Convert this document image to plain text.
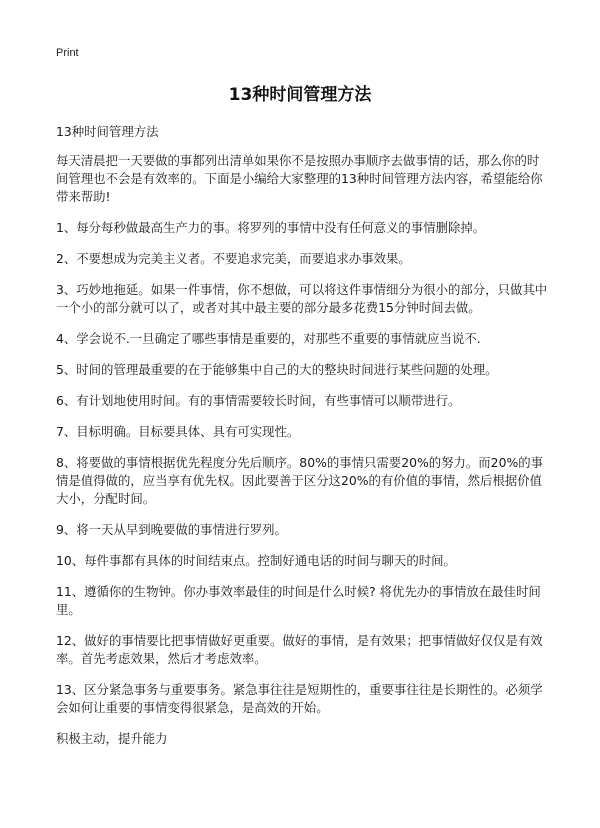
Print
13种时间管理方法

13种时间管理方法

每天清晨把一天要做的事都列出清单如果你不是按照办事顺序去做事情的话，那么你的时间管理也不会是有效率的。下面是小编给大家整理的13种时间管理方法内容，希望能给你带来帮助!

1、每分每秒做最高生产力的事。将罗列的事情中没有任何意义的事情删除掉。

2、不要想成为完美主义者。不要追求完美，而要追求办事效果。

3、巧妙地拖延。如果一件事情，你不想做，可以将这件事情细分为很小的部分，只做其中一个小的部分就可以了，或者对其中最主要的部分最多花费15分钟时间去做。

4、学会说不.一旦确定了哪些事情是重要的，对那些不重要的事情就应当说不.

5、时间的管理最重要的在于能够集中自己的大的整块时间进行某些问题的处理。

6、有计划地使用时间。有的事情需要较长时间，有些事情可以顺带进行。

7、目标明确。目标要具体、具有可实现性。

8、将要做的事情根据优先程度分先后顺序。80%的事情只需要20%的努力。而20%的事情是值得做的，应当享有优先权。因此要善于区分这20%的有价值的事情，然后根据价值大小，分配时间。

9、将一天从早到晚要做的事情进行罗列。

10、每件事都有具体的时间结束点。控制好通电话的时间与聊天的时间。

11、遵循你的生物钟。你办事效率最佳的时间是什么时候? 将优先办的事情放在最佳时间里。

12、做好的事情要比把事情做好更重要。做好的事情，是有效果；把事情做好仅仅是有效率。首先考虑效果，然后才考虑效率。

13、区分紧急事务与重要事务。紧急事往往是短期性的，重要事往往是长期性的。必须学会如何让重要的事情变得很紧急，是高效的开始。

积极主动，提升能力
